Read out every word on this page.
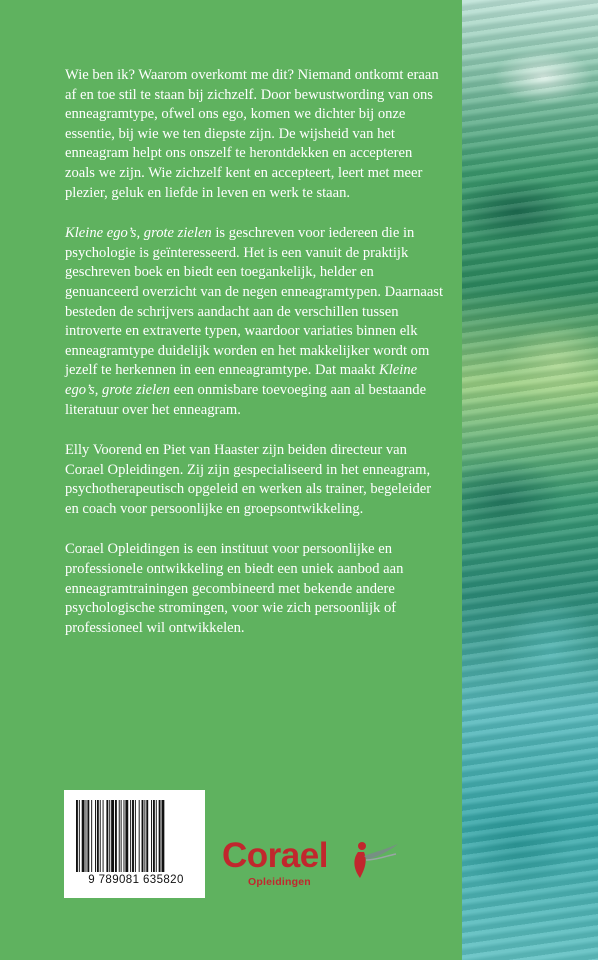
Wie ben ik? Waarom overkomt me dit? Niemand ontkomt eraan af en toe stil te staan bij zichzelf. Door bewustwording van ons enneagramtype, ofwel ons ego, komen we dichter bij onze essentie, bij wie we ten diepste zijn. De wijsheid van het enneagram helpt ons onszelf te herontdekken en accepteren zoals we zijn. Wie zichzelf kent en accepteert, leert met meer plezier, geluk en liefde in leven en werk te staan.

Kleine ego’s, grote zielen is geschreven voor iedereen die in psychologie is geïnteresseerd. Het is een vanuit de praktijk geschreven boek en biedt een toegankelijk, helder en genuanceerd overzicht van de negen enneagramtypen. Daarnaast besteden de schrijvers aandacht aan de verschillen tussen introverte en extraverte typen, waardoor variaties binnen elk enneagramtype duidelijk worden en het makkelijker wordt om jezelf te herkennen in een enneagramtype. Dat maakt Kleine ego’s, grote zielen een onmisbare toevoeging aan al bestaande literatuur over het enneagram.

Elly Voorend en Piet van Haaster zijn beiden directeur van Corael Opleidingen. Zij zijn gespecialiseerd in het enneagram, psychotherapeutisch opgeleid en werken als trainer, begeleider en coach voor persoonlijke en groepsontwikkeling.

Corael Opleidingen is een instituut voor persoonlijke en professionele ontwikkeling en biedt een uniek aanbod aan enneagramtrainingen gecombineerd met bekende andere psychologische stromingen, voor wie zich persoonlijk of professioneel wil ontwikkelen.

9 789081 635820
Corael
Opleidingen
